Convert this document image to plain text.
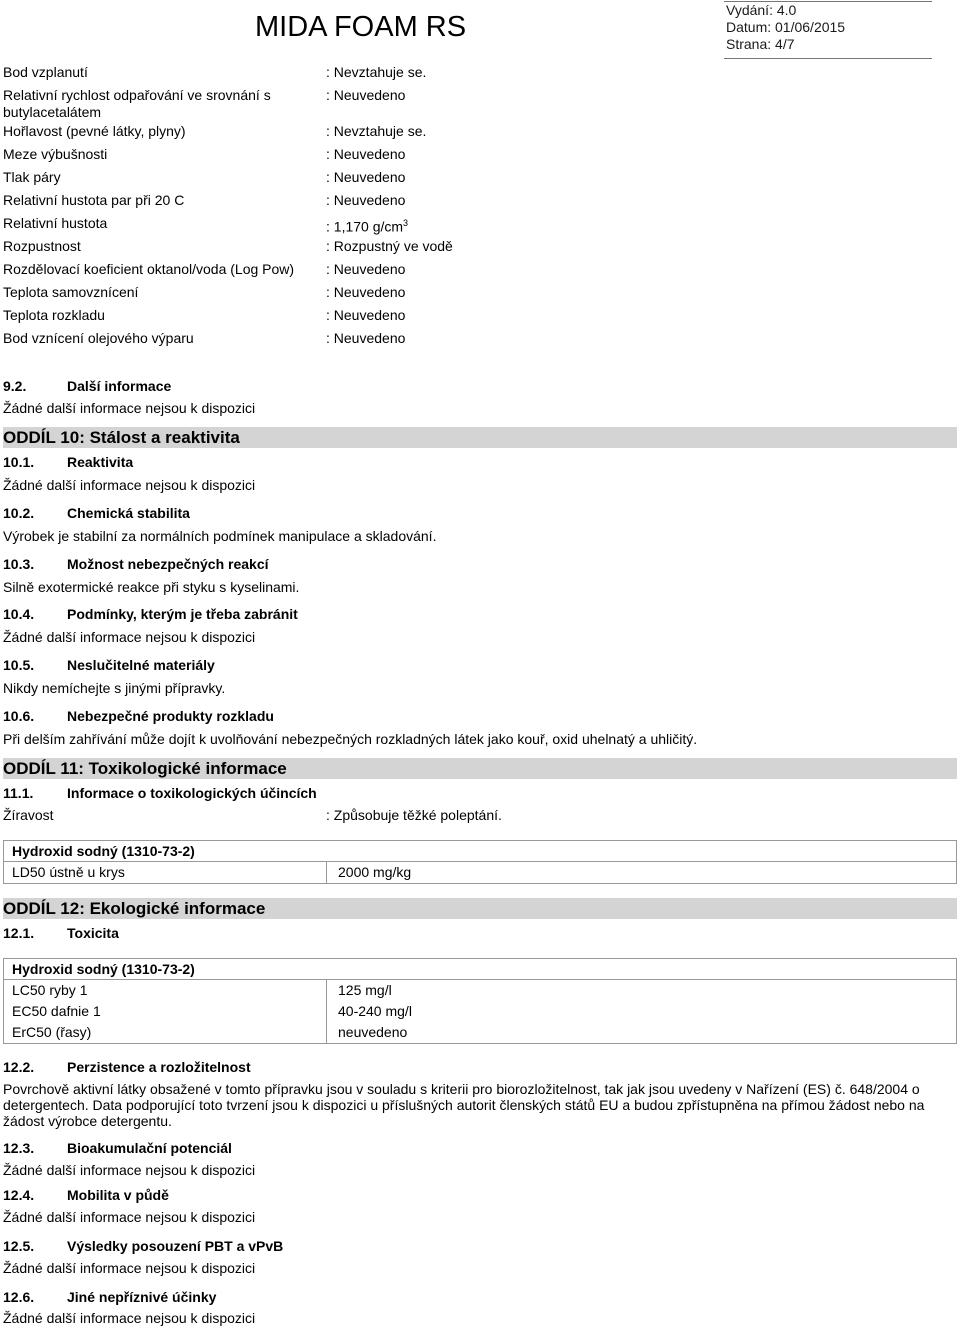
MIDA FOAM RS
Vydání: 4.0
Datum: 01/06/2015
Strana: 4/7
Bod vzplanutí	: Nevztahuje se.
Relativní rychlost odpařování ve srovnání s butylacetalátem
: Neuvedeno
Hořlavost (pevné látky, plyny)	: Nevztahuje se.
Meze výbušnosti	: Neuvedeno
Tlak páry	: Neuvedeno
Relativní hustota par při 20 C	: Neuvedeno
Relativní hustota	: 1,170 $g/cm^3$
Rozpustnost	: Rozpustný ve vodě
Rozdělovací koeficient oktanol/voda (Log Pow)	: Neuvedeno
Teplota samovznícení	: Neuvedeno
Teplota rozkladu	: Neuvedeno
Bod vznícení olejového výparu	: Neuvedeno
9.2.	Další informace
Žádné další informace nejsou k dispozici
ODDÍL 10: Stálost a reaktivita
10.1. Reaktivita
Žádné další informace nejsou k dispozici
10.2. Chemická stabilita
Výrobek je stabilní za normálních podmínek manipulace a skladování.
10.3. Možnost nebezpečných reakcí
Silně exotermické reakce při styku s kyselinami.
10.4. Podmínky, kterým je třeba zabránit
Žádné další informace nejsou k dispozici
10.5. Neslučitelné materiály
Nikdy nemíchejte s jinými přípravky.
10.6. Nebezpečné produkty rozkladu
Při delším zahřívání může dojít k uvolňování nebezpečných rozkladných látek jako kouř, oxid uhelnatý a uhličitý.
ODDÍL 11: Toxikologické informace
11.1. Informace o toxikologických účincích
Žíravost	: Způsobuje těžké poleptání.
Hydroxid sodný (1310-73-2)
LD50 ústně u krys	2000 mg/kg
ODDÍL 12: Ekologické informace
12.1. Toxicita
Hydroxid sodný (1310-73-2)
LC50 ryby 1	125 mg/l
EC50 dafnie 1	40-240 mg/l
ErC50 (řasy)	neuvedeno
12.2. Perzistence a rozložitelnost
Povrchově aktivní látky obsažené v tomto přípravku jsou v souladu s kriterii pro biorozložitelnost, tak jak jsou uvedeny v Nařízení (ES) č. 648/2004 o detergentech. Data podporující toto tvrzení jsou k dispozici u příslušných autorit členských států EU a budou zpřístupněna na přímou žádost nebo na žádost výrobce detergentu.
12.3. Bioakumulační potenciál
Žádné další informace nejsou k dispozici
12.4. Mobilita v půdě
Žádné další informace nejsou k dispozici
12.5. Výsledky posouzení PBT a vPvB
Žádné další informace nejsou k dispozici
12.6. Jiné nepříznivé účinky
Žádné další informace nejsou k dispozici
